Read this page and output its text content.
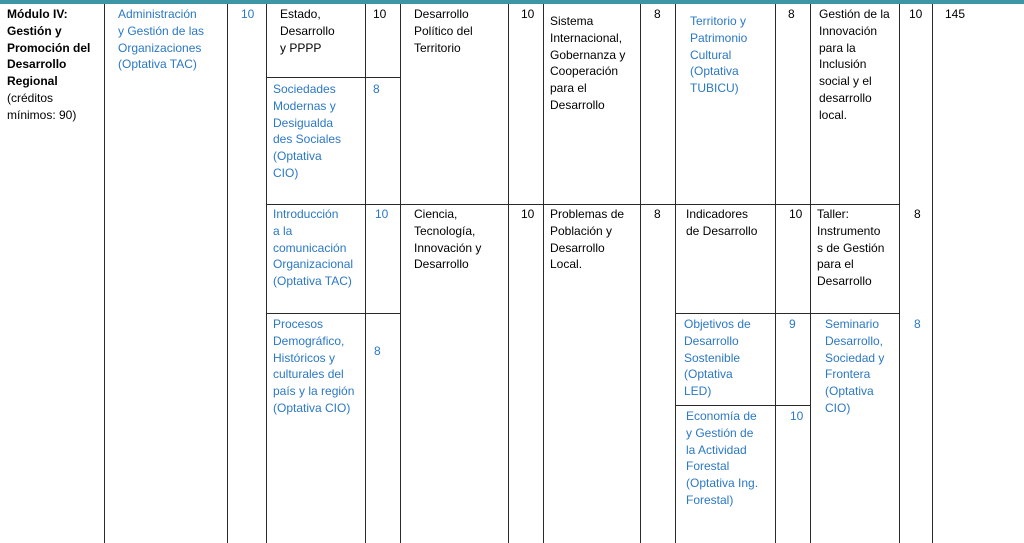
Módulo IV:
Gestión y
Promoción del
Desarrollo
Regional
(créditos
mínimos: 90)
Administración
y Gestión de las
Organizaciones
(Optativa TAC)
10 Estado,
Desarrollo
y PPPP
10 Desarrollo
Político del
Territorio
10 Sistema
Internacional,
Gobernanza y
Cooperación
para el
Desarrollo
8 Territorio y
Patrimonio
Cultural
(Optativa
TUBICU)
8 Gestión de la
Innovación
para la
Inclusión
social y el
desarrollo
local.
10 145
Sociedades
Modernas y
Desigualda
des Sociales
(Optativa
CIO)
8
Introducción
a la
comunicación
Organizacional
(Optativa TAC)
10 Ciencia,
Tecnología,
Innovación y
Desarrollo
10 Problemas de
Población y
Desarrollo
Local.
8 Indicadores
de Desarrollo
10 Taller:
Instrumento
s de Gestión
para el
Desarrollo
8
Procesos
Demográfico,
Históricos y
culturales del
país y la región
(Optativa CIO)
8
Objetivos de
Desarrollo
Sostenible
(Optativa
LED)
9 Seminario
Desarrollo,
Sociedad y
Frontera
(Optativa
CIO)
8
Economía de
y Gestión de
la Actividad
Forestal
(Optativa Ing.
Forestal)
10
